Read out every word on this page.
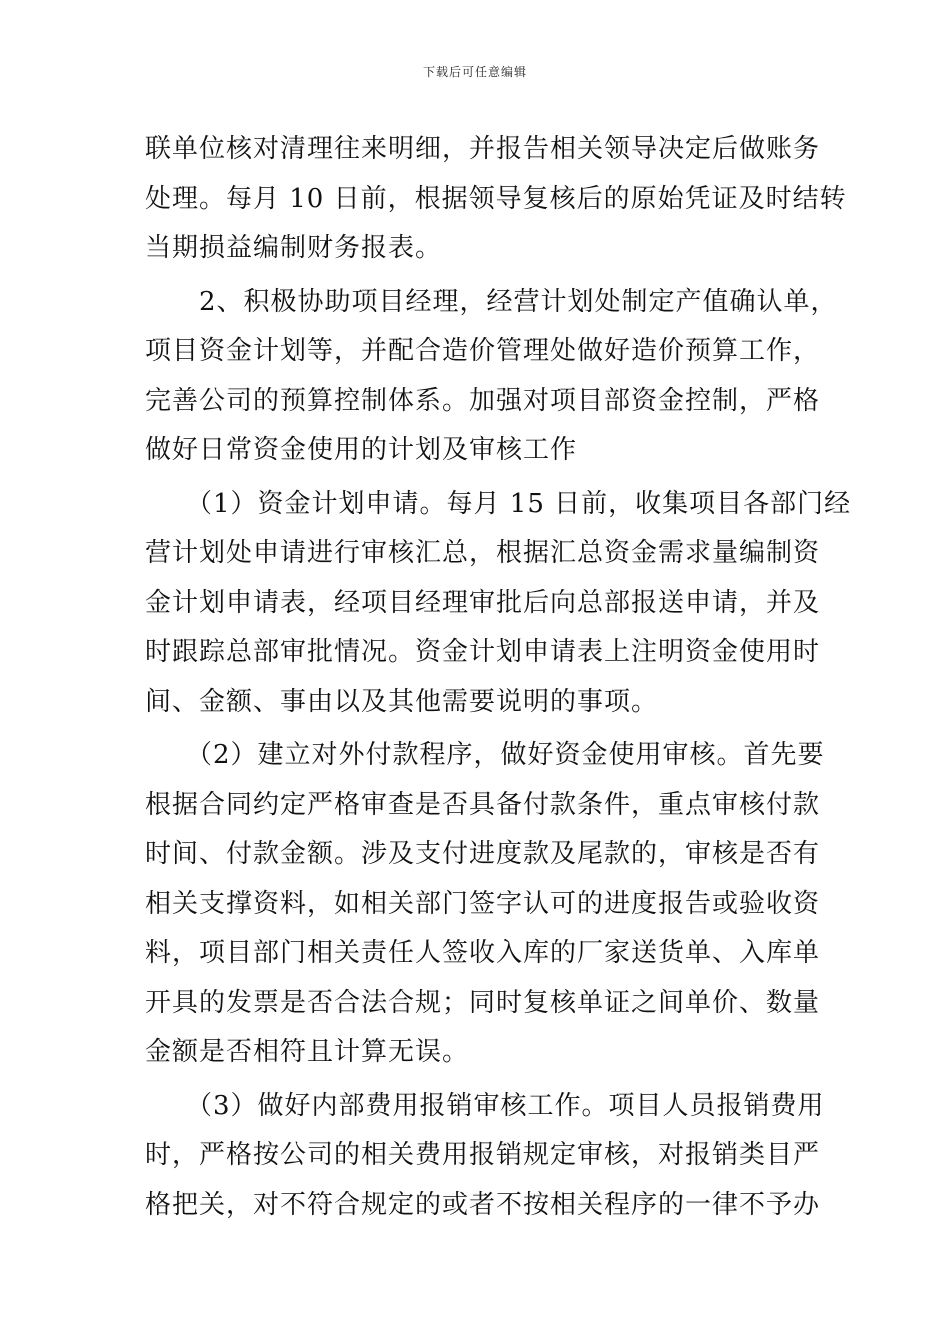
下载后可任意编辑
联单位核对清理往来明细，并报告相关领导决定后做账务
处理。每月 10 日前，根据领导复核后的原始凭证及时结转
当期损益编制财务报表。
　　2、积极协助项目经理，经营计划处制定产值确认单，
项目资金计划等，并配合造价管理处做好造价预算工作，
完善公司的预算控制体系。加强对项目部资金控制，严格
做好日常资金使用的计划及审核工作
　　（1）资金计划申请。每月 15 日前，收集项目各部门经
营计划处申请进行审核汇总，根据汇总资金需求量编制资
金计划申请表，经项目经理审批后向总部报送申请，并及
时跟踪总部审批情况。资金计划申请表上注明资金使用时
间、金额、事由以及其他需要说明的事项。
　　（2）建立对外付款程序，做好资金使用审核。首先要
根据合同约定严格审查是否具备付款条件，重点审核付款
时间、付款金额。涉及支付进度款及尾款的，审核是否有
相关支撑资料，如相关部门签字认可的进度报告或验收资
料，项目部门相关责任人签收入库的厂家送货单、入库单
开具的发票是否合法合规；同时复核单证之间单价、数量
金额是否相符且计算无误。
　　（3）做好内部费用报销审核工作。项目人员报销费用
时，严格按公司的相关费用报销规定审核，对报销类目严
格把关，对不符合规定的或者不按相关程序的一律不予办
